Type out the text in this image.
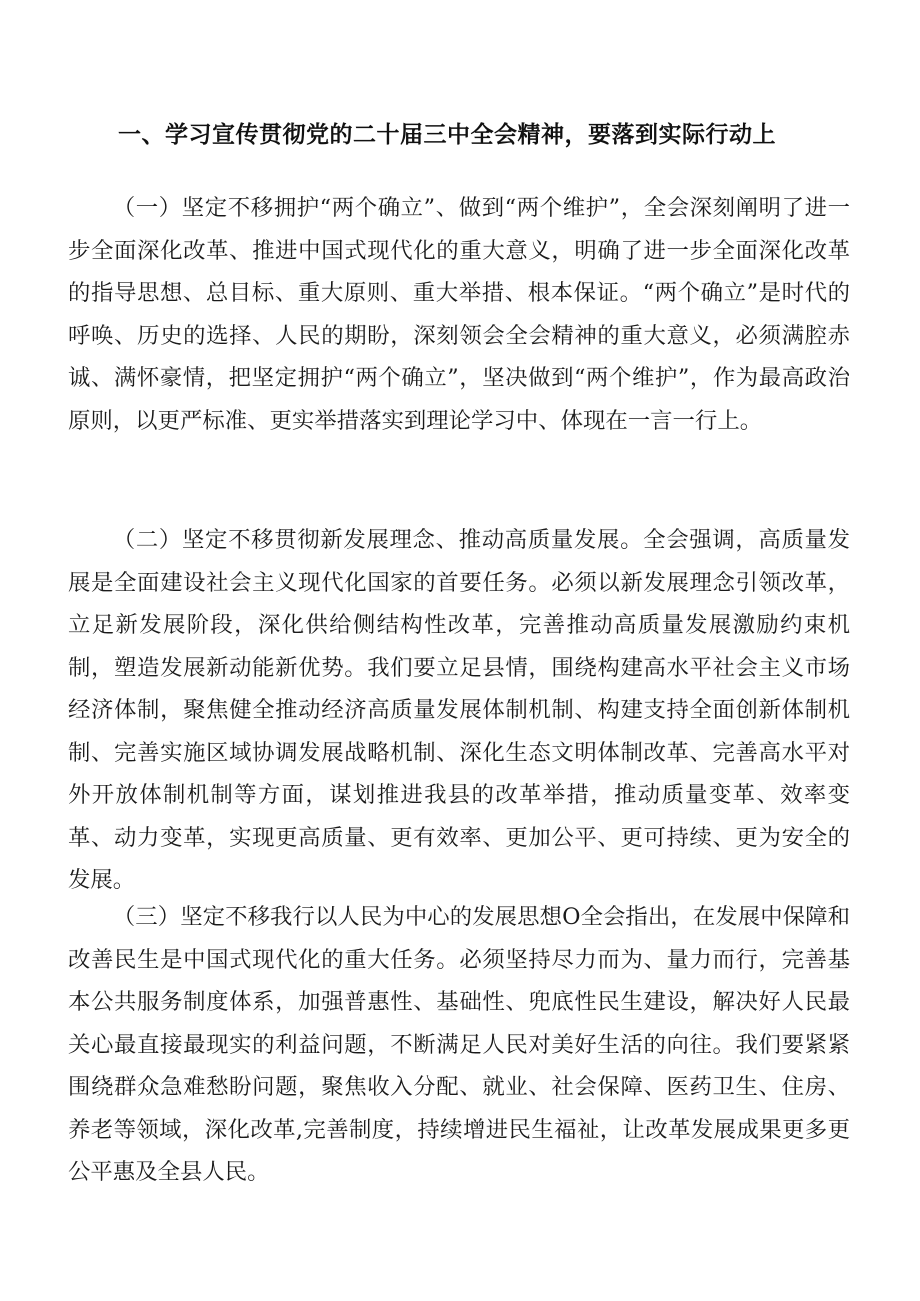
一、学习宣传贯彻党的二十届三中全会精神，要落到实际行动上

（一）坚定不移拥护“两个确立”、做到“两个维护”，全会深刻阐明了进一步全面深化改革、推进中国式现代化的重大意义，明确了进一步全面深化改革的指导思想、总目标、重大原则、重大举措、根本保证。“两个确立”是时代的呼唤、历史的选择、人民的期盼，深刻领会全会精神的重大意义，必须满腔赤诚、满怀豪情，把坚定拥护“两个确立”，坚决做到“两个维护”，作为最高政治原则，以更严标准、更实举措落实到理论学习中、体现在一言一行上。

（二）坚定不移贯彻新发展理念、推动高质量发展。全会强调，高质量发展是全面建设社会主义现代化国家的首要任务。必须以新发展理念引领改革，立足新发展阶段，深化供给侧结构性改革，完善推动高质量发展激励约束机制，塑造发展新动能新优势。我们要立足县情，围绕构建高水平社会主义市场经济体制，聚焦健全推动经济高质量发展体制机制、构建支持全面创新体制机制、完善实施区域协调发展战略机制、深化生态文明体制改革、完善高水平对外开放体制机制等方面，谋划推进我县的改革举措，推动质量变革、效率变革、动力变革，实现更高质量、更有效率、更加公平、更可持续、更为安全的发展。

（三）坚定不移我行以人民为中心的发展思想O全会指出，在发展中保障和改善民生是中国式现代化的重大任务。必须坚持尽力而为、量力而行，完善基本公共服务制度体系，加强普惠性、基础性、兜底性民生建设，解决好人民最关心最直接最现实的利益问题，不断满足人民对美好生活的向往。我们要紧紧围绕群众急难愁盼问题，聚焦收入分配、就业、社会保障、医药卫生、住房、养老等领域，深化改革,完善制度，持续增进民生福祉，让改革发展成果更多更公平惠及全县人民。
